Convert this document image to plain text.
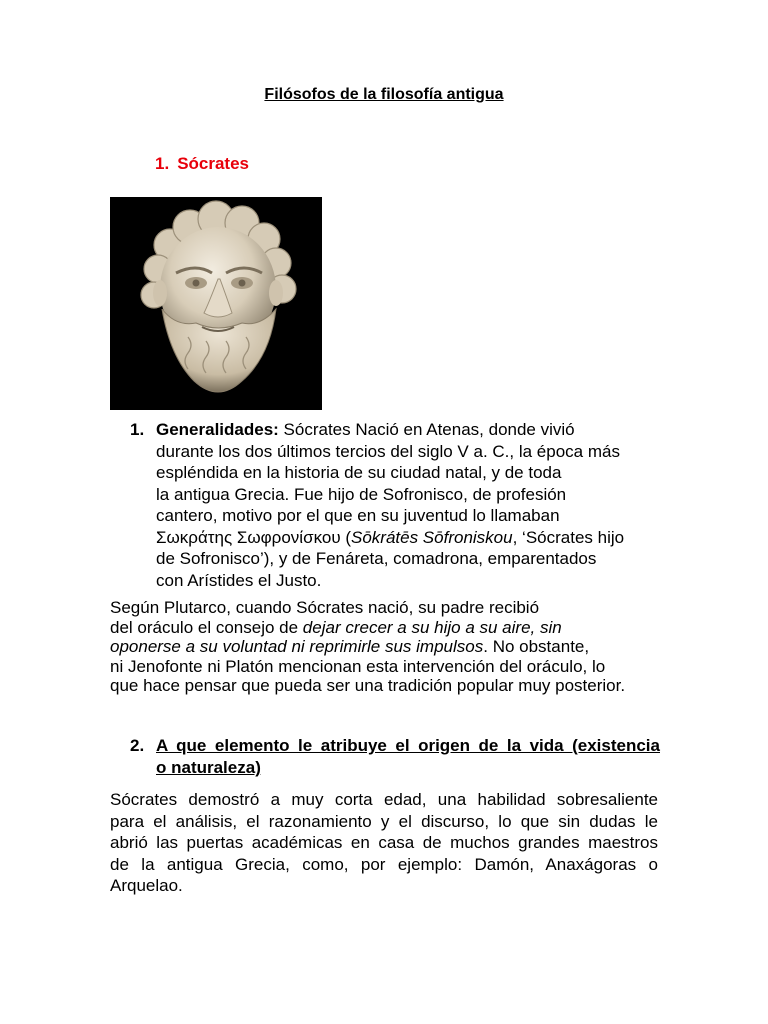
Filósofos de la filosofía antigua

1. Sócrates

1. Generalidades: Sócrates Nació en Atenas, donde vivió
durante los dos últimos tercios del siglo V a. C., la época más
espléndida en la historia de su ciudad natal, y de toda
la antigua Grecia. Fue hijo de Sofronisco, de profesión
cantero, motivo por el que en su juventud lo llamaban
Σωκράτης Σωφρονίσκου (Sōkrátēs Sōfroniskou, ‘Sócrates hijo
de Sofronisco’), y de Fenáreta, comadrona, emparentados
con Arístides el Justo.
Según Plutarco, cuando Sócrates nació, su padre recibió
del oráculo el consejo de dejar crecer a su hijo a su aire, sin
oponerse a su voluntad ni reprimirle sus impulsos. No obstante,
ni Jenofonte ni Platón mencionan esta intervención del oráculo, lo
que hace pensar que pueda ser una tradición popular muy posterior.
2. A que elemento le atribuye el origen de la vida (existencia
o naturaleza)
Sócrates demostró a muy corta edad, una habilidad sobresaliente
para el análisis, el razonamiento y el discurso, lo que sin dudas le
abrió las puertas académicas en casa de muchos grandes maestros
de la antigua Grecia, como, por ejemplo: Damón, Anaxágoras o
Arquelao.
